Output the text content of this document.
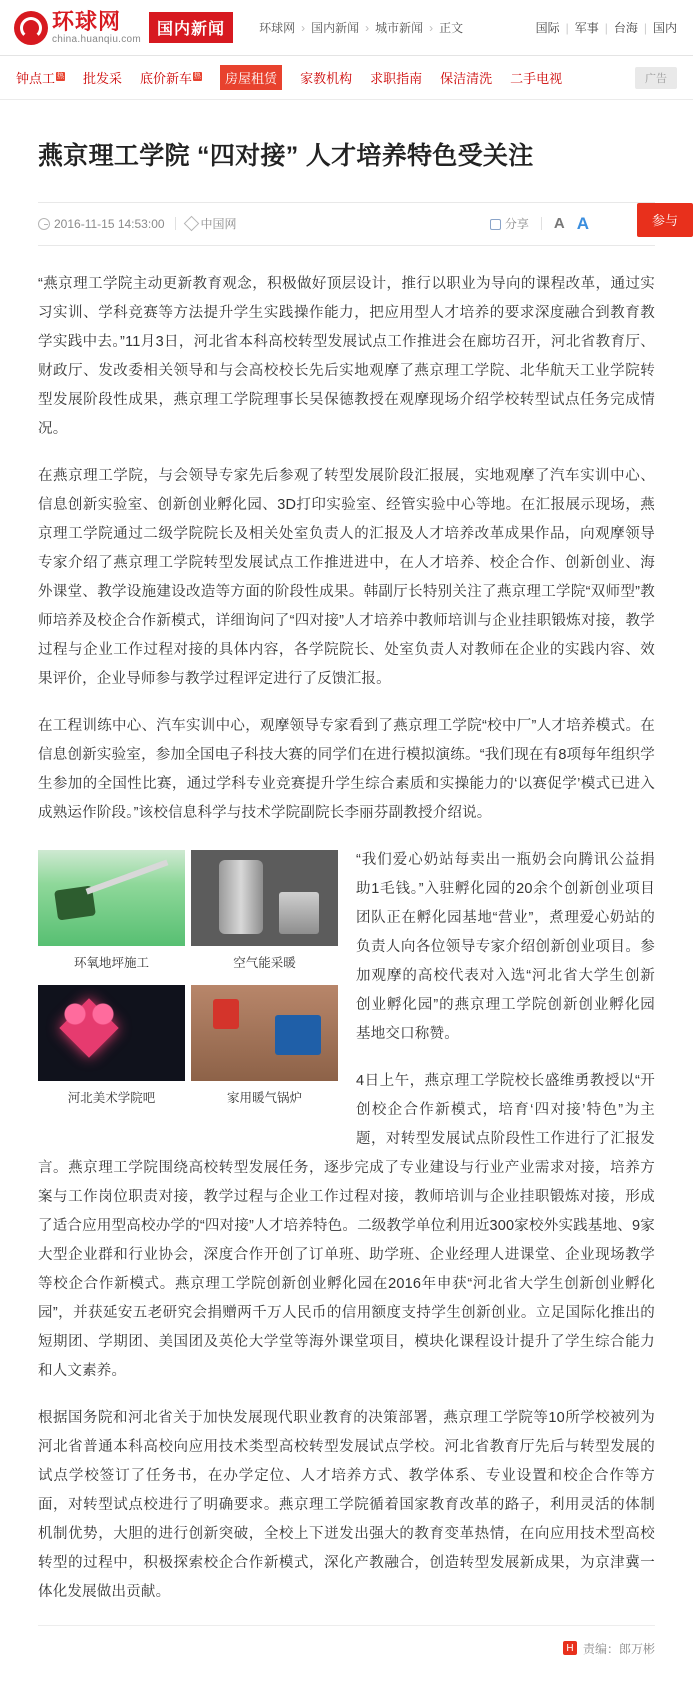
环球网
china.huanqiu.com
国内新闻	环球网 › 国内新闻 › 城市新闻 › 正文	国际 | 军事 | 台海 | 国内
钟点工 热 批发采 底价新车 热	房屋租赁	家教机构 求职指南 保洁清洗 二手电视	广告
燕京理工学院 “四对接” 人才培养特色受关注
2016-11-15 14:53:00	中国网	分享 A A	参与

“燕京理工学院主动更新教育观念，积极做好顶层设计，推行以职业为导向的课程改革，通过实习实训、学科竞赛等方法提升学生实践操作能力，把应用型人才培养的要求深度融合到教育教学实践中去。”11月3日，河北省本科高校转型发展试点工作推进会在廊坊召开，河北省教育厅、财政厅、发改委相关领导和与会高校校长先后实地观摩了燕京理工学院、北华航天工业学院转型发展阶段性成果，燕京理工学院理事长吴保德教授在观摩现场介绍学校转型试点任务完成情况。

在燕京理工学院，与会领导专家先后参观了转型发展阶段汇报展，实地观摩了汽车实训中心、信息创新实验室、创新创业孵化园、3D打印实验室、经管实验中心等地。在汇报展示现场，燕京理工学院通过二级学院院长及相关处室负责人的汇报及人才培养改革成果作品，向观摩领导专家介绍了燕京理工学院转型发展试点工作推进进中，在人才培养、校企合作、创新创业、海外课堂、教学设施建设改造等方面的阶段性成果。韩副厅长特别关注了燕京理工学院“双师型”教师培养及校企合作新模式，详细询问了“四对接”人才培养中教师培训与企业挂职锻炼对接，教学过程与企业工作过程对接的具体内容，各学院院长、处室负责人对教师在企业的实践内容、效果评价，企业导师参与教学过程评定进行了反馈汇报。

在工程训练中心、汽车实训中心，观摩领导专家看到了燕京理工学院“校中厂”人才培养模式。在信息创新实验室，参加全国电子科技大赛的同学们在进行模拟演练。“我们现在有8项每年组织学生参加的全国性比赛，通过学科专业竞赛提升学生综合素质和实操能力的‘以赛促学’模式已进入成熟运作阶段。”该校信息科学与技术学院副院长李丽芬副教授介绍说。

环氧地坪施工	空气能采暖
河北美术学院吧	家用暖气锅炉

“我们爱心奶站每卖出一瓶奶会向腾讯公益捐助1毛钱。”入驻孵化园的20余个创新创业项目团队正在孵化园基地“营业”，煮理爱心奶站的负责人向各位领导专家介绍创新创业项目。参加观摩的高校代表对入选“河北省大学生创新创业孵化园”的燕京理工学院创新创业孵化园基地交口称赞。

4日上午，燕京理工学院校长盛维勇教授以“开创校企合作新模式，培育‘四对接’特色”为主题，对转型发展试点阶段性工作进行了汇报发言。燕京理工学院围绕高校转型发展任务，逐步完成了专业建设与行业产业需求对接，培养方案与工作岗位职责对接，教学过程与企业工作过程对接，教师培训与企业挂职锻炼对接，形成了适合应用型高校办学的“四对接”人才培养特色。二级教学单位利用近300家校外实践基地、9家大型企业群和行业协会，深度合作开创了订单班、助学班、企业经理人进课堂、企业现场教学等校企合作新模式。燕京理工学院创新创业孵化园在2016年申获“河北省大学生创新创业孵化园”，并获延安五老研究会捐赠两千万人民币的信用额度支持学生创新创业。立足国际化推出的短期团、学期团、美国团及英伦大学堂等海外课堂项目，模块化课程设计提升了学生综合能力和人文素养。

根据国务院和河北省关于加快发展现代职业教育的决策部署，燕京理工学院等10所学校被列为河北省普通本科高校向应用技术类型高校转型发展试点学校。河北省教育厅先后与转型发展的试点学校签订了任务书，在办学定位、人才培养方式、教学体系、专业设置和校企合作等方面，对转型试点校进行了明确要求。燕京理工学院循着国家教育改革的路子，利用灵活的体制机制优势，大胆的进行创新突破，全校上下迸发出强大的教育变革热情，在向应用技术型高校转型的过程中，积极探索校企合作新模式，深化产教融合，创造转型发展新成果，为京津冀一体化发展做出贡献。

H 责编：郎万彬
